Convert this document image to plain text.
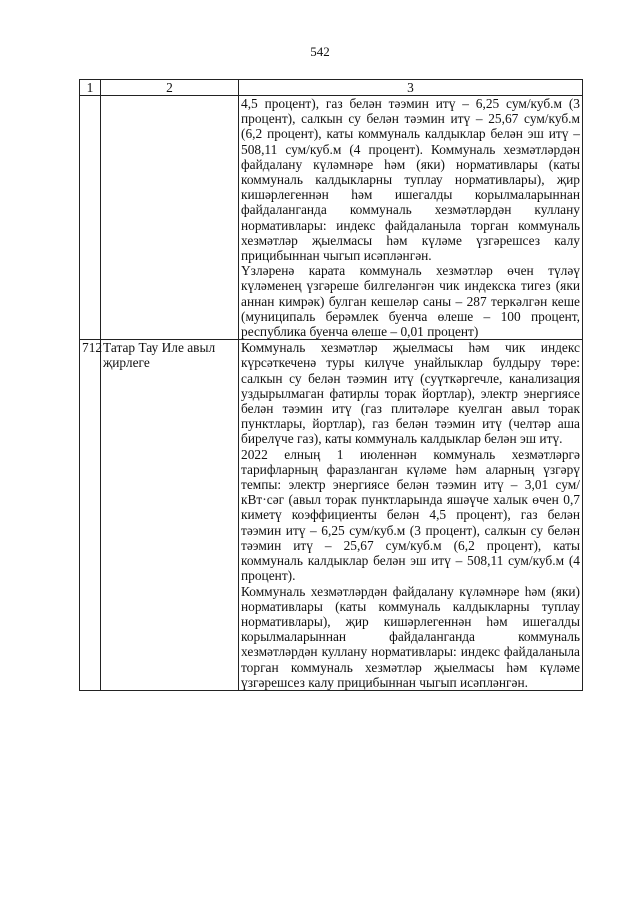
542
1	2	3

		4,5 процент), газ белән тәэмин итү – 6,25 сум/куб.м (3 процент), салкын су белән тәэмин итү – 25,67 сум/куб.м (6,2 процент), каты коммуналь калдыклар белән эш итү – 508,11 сум/куб.м (4 процент). Коммуналь хезмәтләрдән файдалану күләмнәре һәм (яки) нормативлары (каты коммуналь калдыкларны туплау нормативлары), җир кишәрлегеннән һәм ишегалды корылмаларыннан файдаланганда коммуналь хезмәтләрдән куллану нормативлары: индекс файдаланыла торган коммуналь хезмәтләр җыелмасы һәм күләме үзгәрешсез калу прицибыннан чыгып исәпләнгән.

Үзләренә карата коммуналь хезмәтләр өчен түләү күләменең үзгәреше билгеләнгән чик индекска тигез (яки аннан кимрәк) булган кешеләр саны – 287 теркәлгән кеше (муниципаль берәмлек буенча өлеше – 100 процент, республика буенча өлеше – 0,01 процент)

712	Татар Тау Иле авыл җирлеге	Коммуналь хезмәтләр җыелмасы һәм чик индекс күрсәткеченә туры килүче унайлыклар булдыру төре: салкын су белән тәэмин итү (суүткәргечле, канализация уздырылмаган фатирлы торак йортлар), электр энергиясе белән тәэмин итү (газ плитәләре куелган авыл торак пунктлары, йортлар), газ белән тәэмин итү (челтәр аша бирелүче газ), каты коммуналь калдыклар белән эш итү.

2022 елның 1 июленнән коммуналь хезмәтләргә тарифларның фаразланган күләме һәм аларның үзгәрү темпы: электр энергиясе белән тәэмин итү – 3,01 сум/кВт·сәг (авыл торак пунктларында яшәүче халык өчен 0,7 киметү коэффициенты белән 4,5 процент), газ белән тәэмин итү – 6,25 сум/куб.м (3 процент), салкын су белән тәэмин итү – 25,67 сум/куб.м (6,2 процент), каты коммуналь калдыклар белән эш итү – 508,11 сум/куб.м (4 процент).

Коммуналь хезмәтләрдән файдалану күләмнәре һәм (яки) нормативлары (каты коммуналь калдыкларны туплау нормативлары), җир кишәрлегеннән һәм ишегалды корылмаларыннан файдаланганда коммуналь хезмәтләрдән куллану нормативлары: индекс файдаланыла торган коммуналь хезмәтләр җыелмасы һәм күләме үзгәрешсез калу прицибыннан чыгып исәпләнгән.
